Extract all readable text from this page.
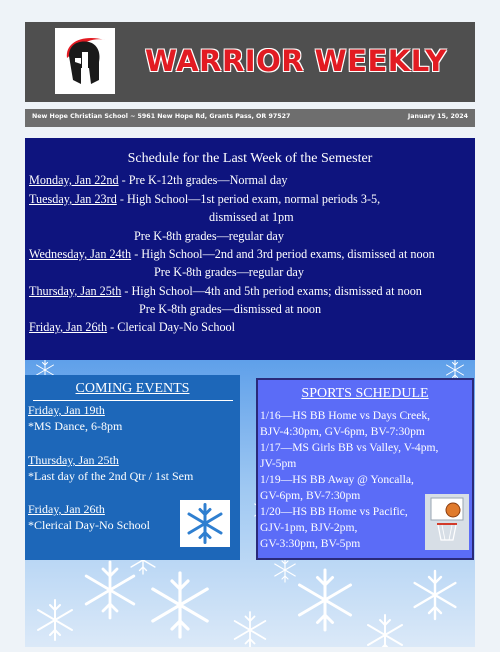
WARRIOR WEEKLY
New Hope Christian School ~ 5961 New Hope Rd, Grants Pass, OR 97527	January 15, 2024
Schedule for the Last Week of the Semester
Monday, Jan 22nd - Pre K-12th grades—Normal day
Tuesday, Jan 23rd - High School—1st period exam, normal periods 3-5,
dismissed at 1pm
Pre K-8th grades—regular day
Wednesday, Jan 24th - High School—2nd and 3rd period exams, dismissed at noon
Pre K-8th grades—regular day
Thursday, Jan 25th - High School—4th and 5th period exams; dismissed at noon
Pre K-8th grades—dismissed at noon
Friday, Jan 26th - Clerical Day-No School
COMING EVENTS
Friday, Jan 19th
*MS Dance, 6-8pm
Thursday, Jan 25th
*Last day of the 2nd Qtr / 1st Sem
Friday, Jan 26th
*Clerical Day-No School
SPORTS SCHEDULE
1/16—HS BB Home vs Days Creek,
BJV-4:30pm, GV-6pm, BV-7:30pm
1/17—MS Girls BB vs Valley, V-4pm,
JV-5pm
1/19—HS BB Away @ Yoncalla,
GV-6pm, BV-7:30pm
1/20—HS BB Home vs Pacific,
GJV-1pm, BJV-2pm,
GV-3:30pm, BV-5pm
